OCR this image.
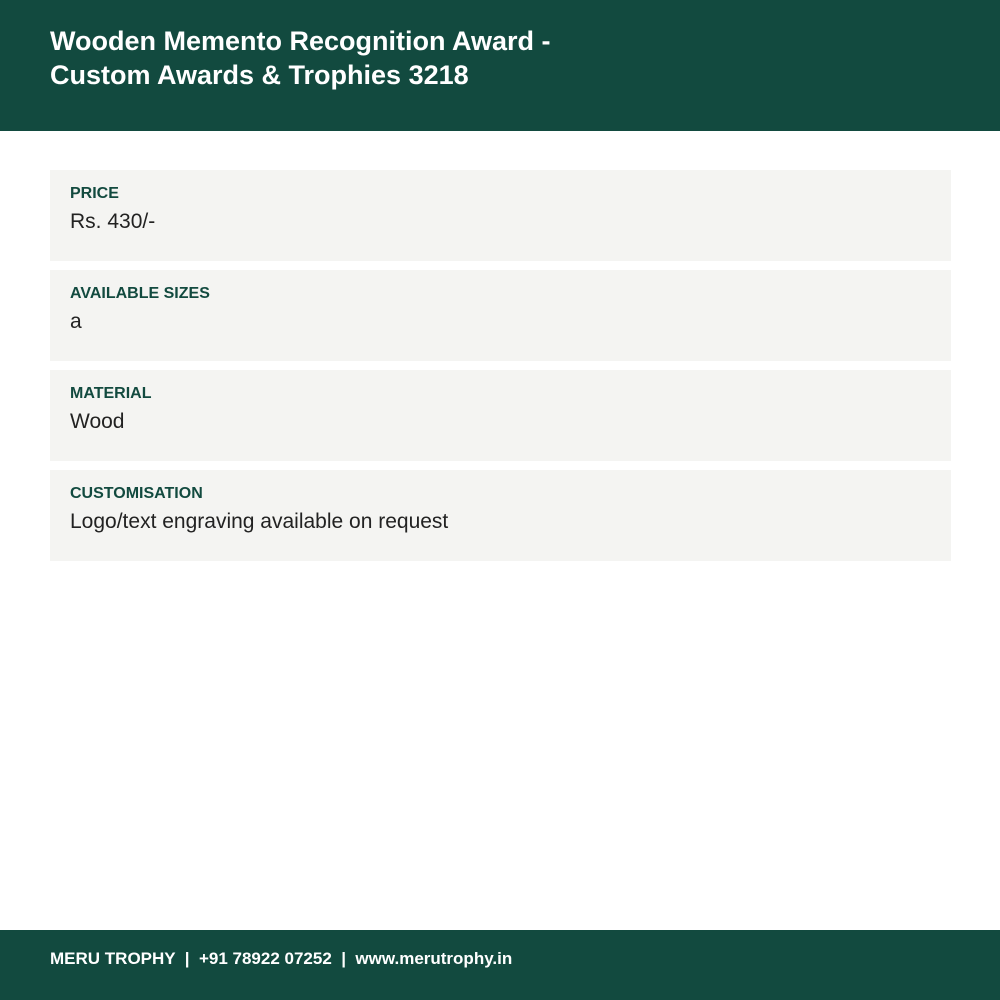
Wooden Memento Recognition Award -
Custom Awards & Trophies 3218
PRICE
Rs. 430/-
AVAILABLE SIZES
a
MATERIAL
Wood
CUSTOMISATION
Logo/text engraving available on request
MERU TROPHY  |  +91 78922 07252  |  www.merutrophy.in
